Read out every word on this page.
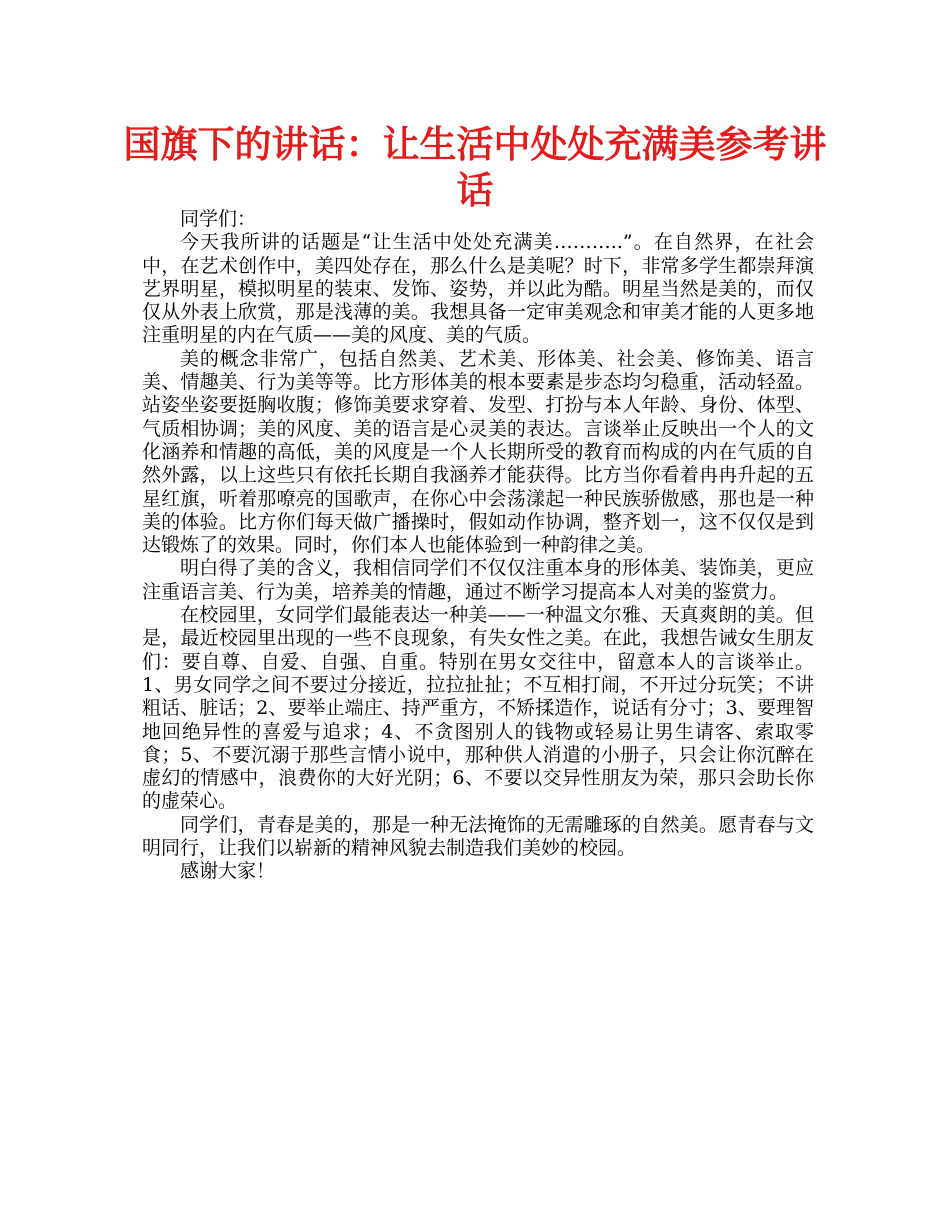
国旗下的讲话：让生活中处处充满美参考讲话

同学们：

今天我所讲的话题是“让生活中处处充满美………..”。在自然界，在社会中，在艺术创作中，美四处存在，那么什么是美呢？时下，非常多学生都崇拜演艺界明星，模拟明星的装束、发饰、姿势，并以此为酷。明星当然是美的，而仅仅从外表上欣赏，那是浅薄的美。我想具备一定审美观念和审美才能的人更多地注重明星的内在气质——美的风度、美的气质。

美的概念非常广，包括自然美、艺术美、形体美、社会美、修饰美、语言美、情趣美、行为美等等。比方形体美的根本要素是步态均匀稳重，活动轻盈。站姿坐姿要挺胸收腹；修饰美要求穿着、发型、打扮与本人年龄、身份、体型、气质相协调；美的风度、美的语言是心灵美的表达。言谈举止反映出一个人的文化涵养和情趣的高低，美的风度是一个人长期所受的教育而构成的内在气质的自然外露，以上这些只有依托长期自我涵养才能获得。比方当你看着冉冉升起的五星红旗，听着那嘹亮的国歌声，在你心中会荡漾起一种民族骄傲感，那也是一种美的体验。比方你们每天做广播操时，假如动作协调，整齐划一，这不仅仅是到达锻炼了的效果。同时，你们本人也能体验到一种韵律之美。

明白得了美的含义，我相信同学们不仅仅注重本身的形体美、装饰美，更应注重语言美、行为美，培养美的情趣，通过不断学习提高本人对美的鉴赏力。

在校园里，女同学们最能表达一种美——一种温文尔雅、天真爽朗的美。但是，最近校园里出现的一些不良现象，有失女性之美。在此，我想告诫女生朋友们：要自尊、自爱、自强、自重。特别在男女交往中，留意本人的言谈举止。1、男女同学之间不要过分接近，拉拉扯扯；不互相打闹，不开过分玩笑；不讲粗话、脏话；2、要举止端庄、持严重方，不矫揉造作，说话有分寸；3、要理智地回绝异性的喜爱与追求；4、不贪图别人的钱物或轻易让男生请客、索取零食；5、不要沉溺于那些言情小说中，那种供人消遣的小册子，只会让你沉醉在虚幻的情感中，浪费你的大好光阴；6、不要以交异性朋友为荣，那只会助长你的虚荣心。

同学们，青春是美的，那是一种无法掩饰的无需雕琢的自然美。愿青春与文明同行，让我们以崭新的精神风貌去制造我们美妙的校园。

感谢大家！
